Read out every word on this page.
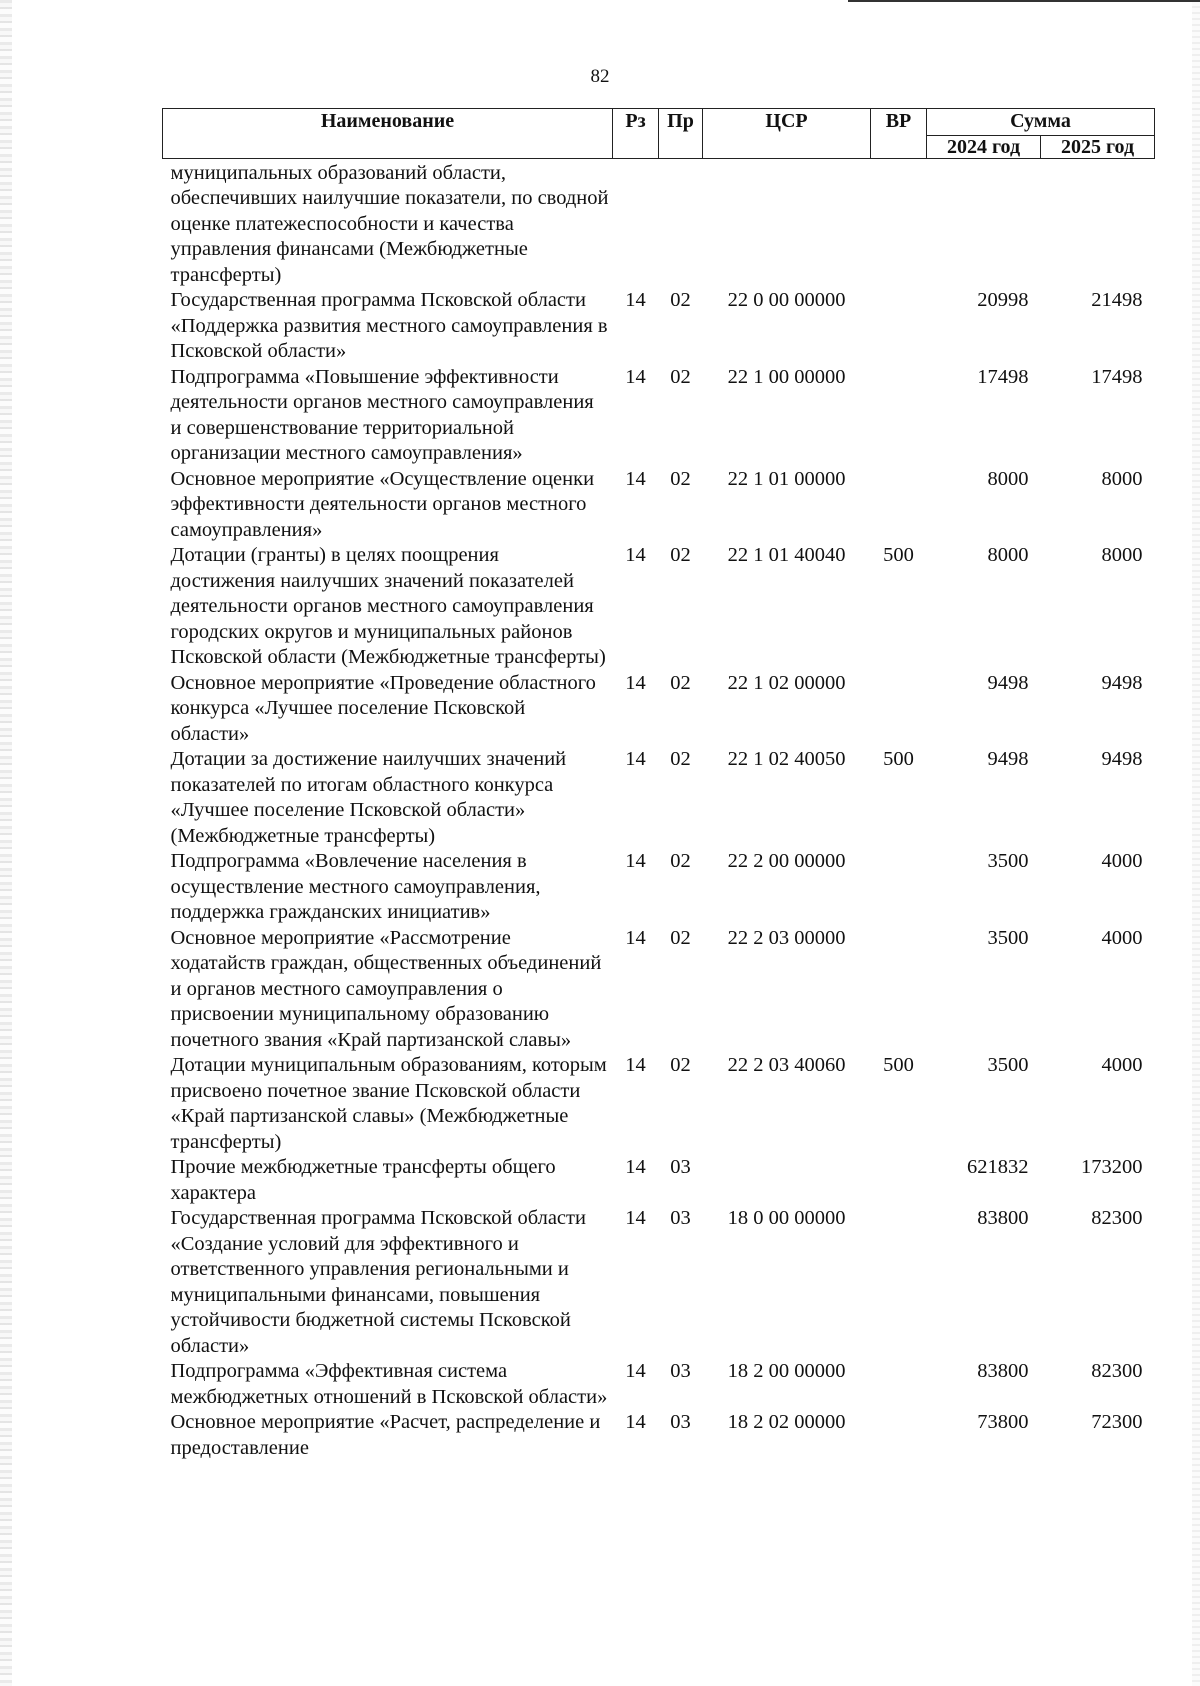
82
Наименование	Рз	Пр	ЦСР	ВР	Сумма	
					2024 год	2025 год
муниципальных образований области, обеспечивших наилучшие показатели, по сводной оценке платежеспособности и качества управления финансами (Межбюджетные трансферты)						
Государственная программа Псковской области «Поддержка развития местного самоуправления в Псковской области»	14	02	22 0 00 00000		20998	21498
Подпрограмма «Повышение эффективности деятельности органов местного самоуправления и совершенствование территориальной организации местного самоуправления»	14	02	22 1 00 00000		17498	17498
Основное мероприятие «Осуществление оценки эффективности деятельности органов местного самоуправления»	14	02	22 1 01 00000		8000	8000
Дотации (гранты) в целях поощрения достижения наилучших значений показателей деятельности органов местного самоуправления городских округов и муниципальных районов Псковской области (Межбюджетные трансферты)	14	02	22 1 01 40040	500	8000	8000
Основное мероприятие «Проведение областного конкурса «Лучшее поселение Псковской области»	14	02	22 1 02 00000		9498	9498
Дотации за достижение наилучших значений показателей по итогам областного конкурса «Лучшее поселение Псковской области» (Межбюджетные трансферты)	14	02	22 1 02 40050	500	9498	9498
Подпрограмма «Вовлечение населения в осуществление местного самоуправления, поддержка гражданских инициатив»	14	02	22 2 00 00000		3500	4000
Основное мероприятие «Рассмотрение ходатайств граждан, общественных объединений и органов местного самоуправления о присвоении муниципальному образованию почетного звания «Край партизанской славы»	14	02	22 2 03 00000		3500	4000
Дотации муниципальным образованиям, которым присвоено почетное звание Псковской области «Край партизанской славы» (Межбюджетные трансферты)	14	02	22 2 03 40060	500	3500	4000
Прочие межбюджетные трансферты общего характера	14	03			621832	173200
Государственная программа Псковской области «Создание условий для эффективного и ответственного управления региональными и муниципальными финансами, повышения устойчивости бюджетной системы Псковской области»	14	03	18 0 00 00000		83800	82300
Подпрограмма «Эффективная система межбюджетных отношений в Псковской области»	14	03	18 2 00 00000		83800	82300
Основное мероприятие «Расчет, распределение и предоставление	14	03	18 2 02 00000		73800	72300
